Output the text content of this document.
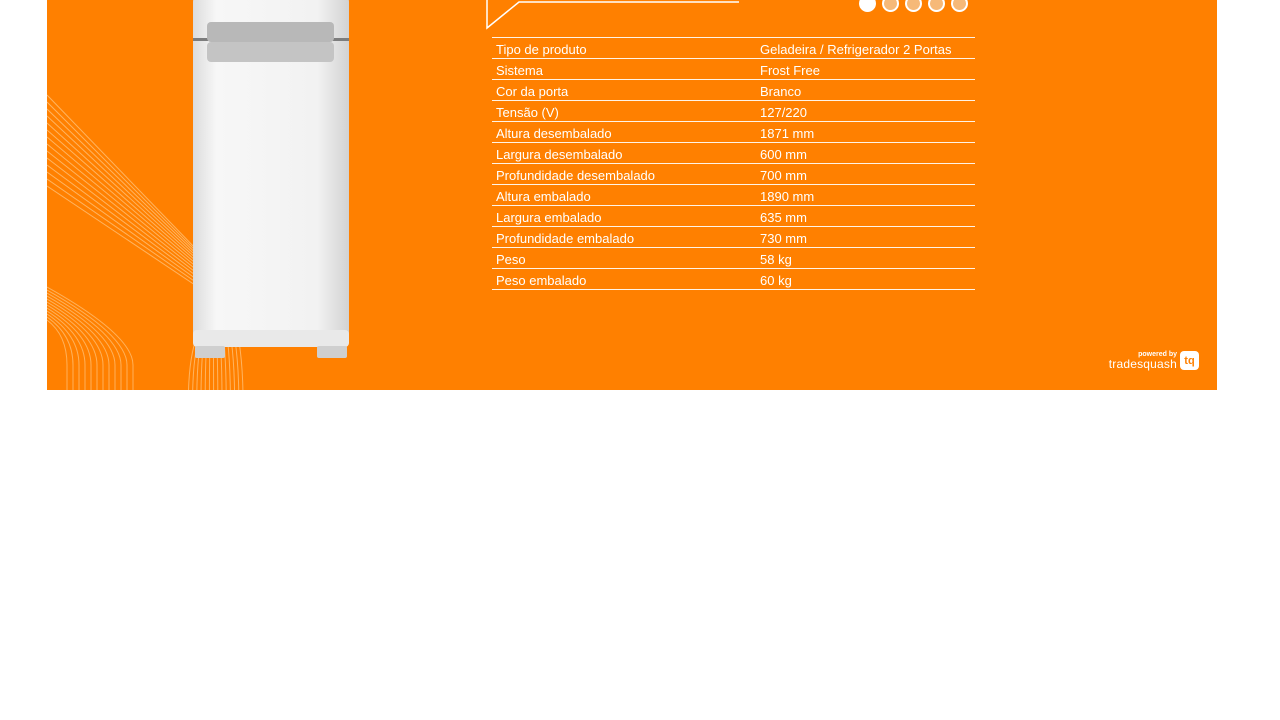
Tipo de produto	Geladeira / Refrigerador 2 Portas
Sistema	Frost Free
Cor da porta	Branco
Tensão (V)	127/220
Altura desembalado	1871 mm
Largura desembalado	600 mm
Profundidade desembalado	700 mm
Altura embalado	1890 mm
Largura embalado	635 mm
Profundidade embalado	730 mm
Peso	58 kg
Peso embalado	60 kg
powered by
tradesquash tq
